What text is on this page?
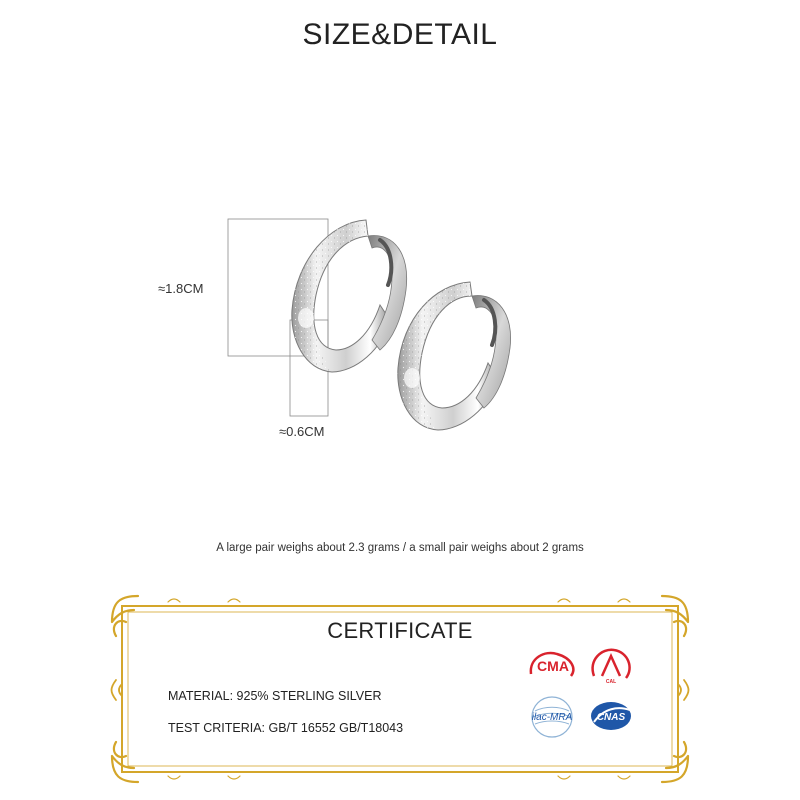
SIZE&DETAIL
≈1.8CM
≈0.6CM
A large pair weighs about 2.3 grams / a small pair weighs about 2 grams
CERTIFICATE
MATERIAL: 925% STERLING SILVER
TEST CRITERIA: GB/T 16552 GB/T18043
CMA
CAL
ilac-MRA CNAS
